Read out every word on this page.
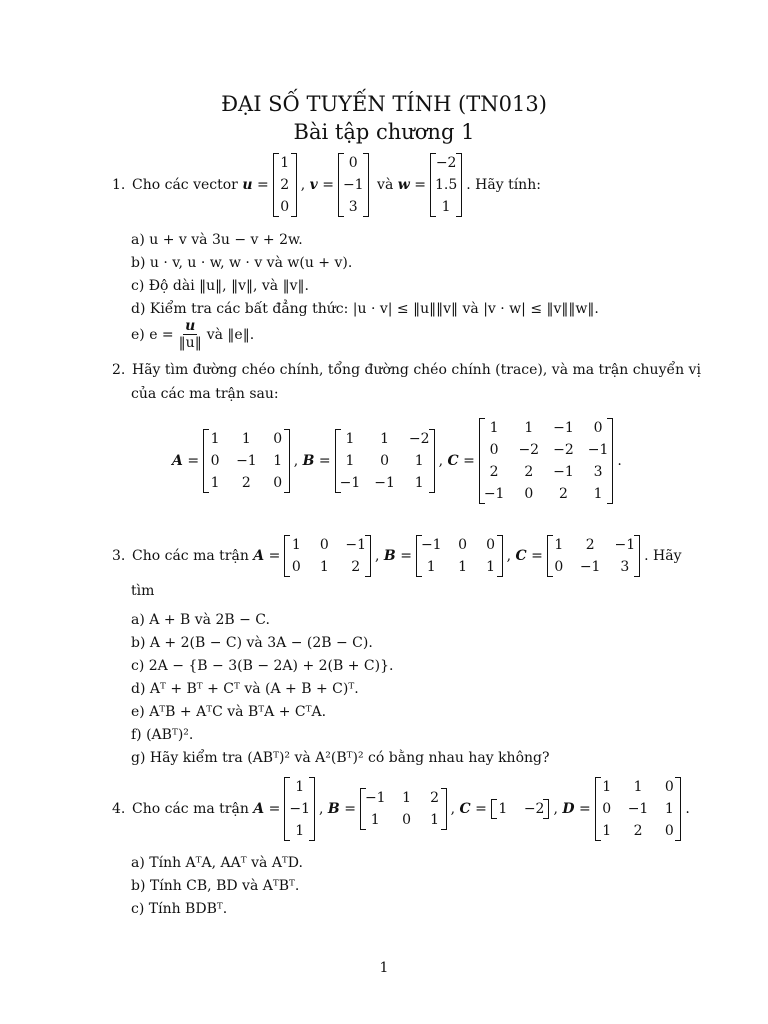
ĐẠI SỐ TUYẾN TÍNH (TN013)
Bài tập chương 1
1. Cho các vector u =
1
2
0
, v =
0
−1
3
và w =
−2
1.5
1
. Hãy tính:
a) u + v và 3u − v + 2w.
b) u · v, u · w, w · v và w(u + v).
c) Độ dài ‖u‖, ‖v‖, và ‖v‖.
d) Kiểm tra các bất đẳng thức: |u · v| ≤ ‖u‖‖v‖ và |v · w| ≤ ‖v‖‖w‖.
e) $e = \frac{u}{‖u‖}$ và ‖e‖.
2. Hãy tìm đường chéo chính, tổng đường chéo chính (trace), và ma trận chuyển vị
của các ma trận sau:
A =
1	1	0
0 −1 1
1	2	0
, B =
1	1	−2
1	0	1
−1 −1	1
, C =
1	1	−1	0
0	−2 −2 −1
2	2	−1	3
−1	0	2	1
.
3. Cho các ma trận A =
1 0 −1
0 1	2
, B =
−1 0 0
1	1 1
, C =
1	2	−1
0 −1	3
. Hãy
tìm
a) A + B và 2B − C.
b) A + 2(B − C) và 3A − (2B − C).
c) 2A − {B − 3(B − 2A) + 2(B + C)}.
d) Aᵀ + Bᵀ + Cᵀ và (A + B + C)ᵀ.
e) AᵀB + AᵀC và BᵀA + CᵀA.
f) (ABᵀ)².
g) Hãy kiểm tra (ABᵀ)² và A²(Bᵀ)² có bằng nhau hay không?
4. Cho các ma trận A =
1
−1
1
, B =
−1 1 2
1	0 1
, C = 1 −2 , D =
1	1	0
0 −1 1
1	2	0
.
a) Tính AᵀA, AAᵀ và AᵀD.
b) Tính CB, BD và AᵀBᵀ.
c) Tính BDBᵀ.
1
